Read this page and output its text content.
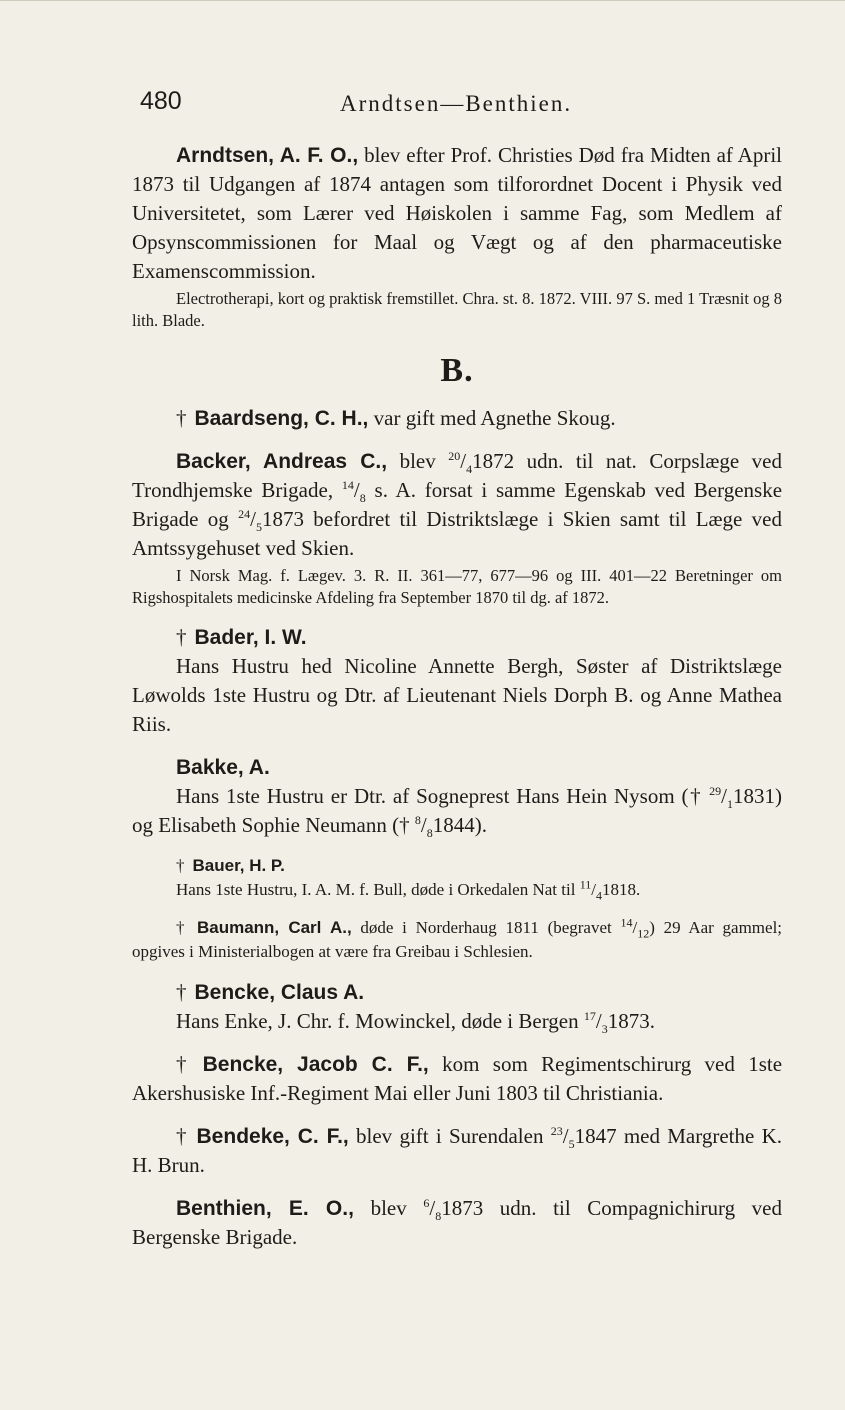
480	Arndtsen—Benthien.

Arndtsen, A. F. O., blev efter Prof. Christies Død fra Midten af April 1873 til Udgangen af 1874 antagen som tilforordnet Docent i Physik ved Universitetet, som Lærer ved Høiskolen i samme Fag, som Medlem af Opsynscommissionen for Maal og Vægt og af den pharmaceutiske Examenscommission.

Electrotherapi, kort og praktisk fremstillet. Chra. st. 8. 1872. VIII. 97 S. med 1 Træsnit og 8 lith. Blade.

B.

† Baardseng, C. H., var gift med Agnethe Skoug.

Backer, Andreas C., blev $^{20}/_41872$ udn. til nat. Corpslæge ved Trondhjemske Brigade, $^{14}/_8$ s. A. forsat i samme Egenskab ved Bergenske Brigade og $^{24}/_51873$ befordret til Distriktslæge i Skien samt til Læge ved Amtssygehuset ved Skien.

I Norsk Mag. f. Lægev. 3. R. II. 361—77, 677—96 og III. 401—22 Beretninger om Rigshospitalets medicinske Afdeling fra September 1870 til dg. af 1872.

† Bader, I. W.

Hans Hustru hed Nicoline Annette Bergh, Søster af Distriktslæge Løwolds 1ste Hustru og Dtr. af Lieutenant Niels Dorph B. og Anne Mathea Riis.

Bakke, A.

Hans 1ste Hustru er Dtr. af Sogneprest Hans Hein Nysom († $^{29}/_11831$) og Elisabeth Sophie Neumann († $^8/_81844$).

† Bauer, H. P.

Hans 1ste Hustru, I. A. M. f. Bull, døde i Orkedalen Nat til $^{11}/_41818$.

† Baumann, Carl A., døde i Norderhaug 1811 (begravet $^{14}/_{12}$) 29 Aar gammel; opgives i Ministerialbogen at være fra Greibau i Schlesien.

† Bencke, Claus A.

Hans Enke, J. Chr. f. Mowinckel, døde i Bergen $^{17}/_31873$.

† Bencke, Jacob C. F., kom som Regimentschirurg ved 1ste Akershusiske Inf.-Regiment Mai eller Juni 1803 til Christiania.

† Bendeke, C. F., blev gift i Surendalen $^{23}/_51847$ med Margrethe K. H. Brun.

Benthien, E. O., blev $^6/_81873$ udn. til Compagnichirurg ved Bergenske Brigade.
